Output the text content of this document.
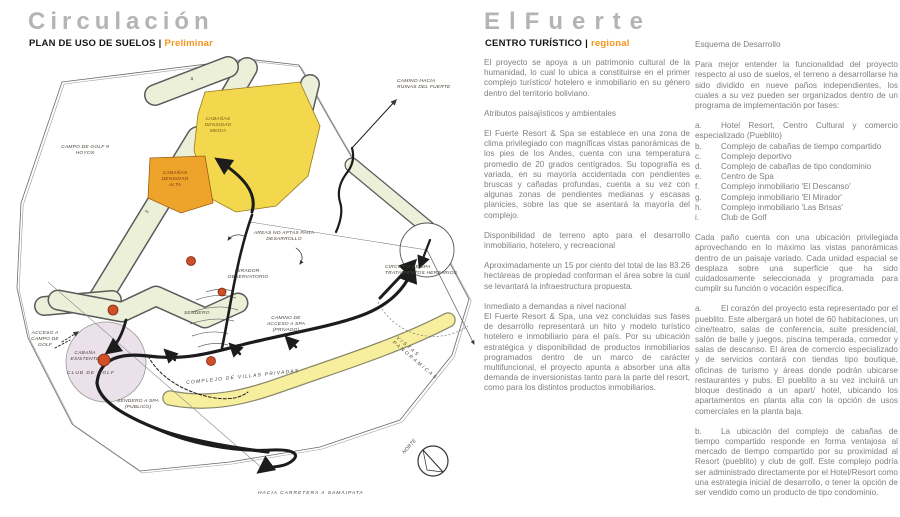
CAMINO HACIA RUINAS DEL FUERTE
CAMPO DE GOLF 9 HOYOS
CABAÑAS DENSIDAD MEDIA
CABAÑAS DENSIDAD ALTA
AREAS NO APTAS PARA DESARROLLO
MIRADOR- OBSERVATORIO
SENDERO
CIRCUITO DE SPA TRATAMIENTOS HERBARIOS
CAMINO DE ACCESO A SPA (PRIVADO)
ACCESO A CAMPO DE GOLF
CABAÑA EXISTENTE
CLUB DE GOLF
SENDERO A SPA (PUBLICO)
COMPLEJO DE VILLAS PRIVADAS
VISTAS PANORAMICAS
HACIA CARRETERA A SAMAIPATA
NORTE
4
5
Circulación
PLAN DE USO DE SUELOS | Preliminar
ElFuerte
CENTRO TURÍSTICO | regional

El proyecto se apoya a un patrimonio cultural de la humanidad, lo cual lo ubica a constituirse en el primer complejo turístico/ hotelero e inmobiliario en su género dentro del territorio boliviano.

Atributos paisajísticos y ambientales

El Fuerte Resort & Spa se establece en una zona de clima privilegiado con magníficas vistas panorámicas de los pies de los Andes, cuenta con una temperatura promedio de 20 grados centígrados. Su topografía es variada, en su mayoría accidentada con pendientes bruscas y cañadas profundas, cuenta a su vez con algunas zonas de pendientes medianas y escasas planicies, sobre las que se asentará la mayoría del complejo.

Disponibilidad de terreno apto para el desarrollo inmobiliario, hotelero, y recreacional

Aproximadamente un 15 por ciento del total de las 83.26 hectáreas de propiedad conforman el área sobre la cual se levantará la infraestructura propuesta.

Inmediato a demandas a nivel nacional

El Fuerte Resort & Spa, una vez concluidas sus fases de desarrollo representará un hito y modelo turístico hotelero e inmobiliario para el país. Por su ubicación estratégica y disponibilidad de productos inmobiliarios programados dentro de un marco de carácter multifuncional, el proyecto apunta a absorber una alta demanda de inversionistas tanto para la parte del resort, como para los distintos productos inmobiliarios.

Esquema de Desarrollo

Para mejor entender la funcionalidad del proyecto respecto al uso de suelos, el terreno a desarrollarse ha sido dividido en nueve paños independientes, los cuales a su vez pueden ser organizados dentro de un programa de implementación por fases:

a. Hotel Resort, Centro Cultural y comercio especializado (Pueblito)
b. Complejo de cabañas de tiempo compartido
c. Complejo deportivo
d. Complejo de cabañas de tipo condominio
e. Centro de Spa
f.	Complejo inmobiliario 'El Descanso'
g. Complejo inmobiliario 'El Mirador'
h. Complejo inmobiliario 'Las Brisas'
i.	Club de Golf

Cada paño cuenta con una ubicación privilegiada aprovechando en lo máximo las vistas panorámicas dentro de un paisaje variado. Cada unidad espacial se desplaza sobre una superficie que ha sido cuidadosamente seleccionada y programada para cumplir su función o vocación específica.

a. El corazón del proyecto esta representado por el pueblito. Este albergará un hotel de 60 habitaciones, un cine/teatro, salas de conferencia, suite presidencial, salón de baile y juegos, piscina temperada, comedor y salas de descanso. El área de comercio especializado y de servicios contará con tiendas tipo boutique, oficinas de turismo y áreas donde podrán ubicarse restaurantes y pubs. El pueblito a su vez incluirá un bloque destinado a un apart/ hotel, ubicando los apartamentos en planta alta con la opción de usos comerciales en la planta baja.

b. La ubicación del complejo de cabañas de tiempo compartido responde en forma ventajosa al mercado de tiempo compartido por su proximidad al Resort (pueblito) y club de golf. Este complejo podría ser administrado directamente por el Hotel/Resort como una estrategia inicial de desarrollo, o tener la opción de ser vendido como un producto de tipo condominio.
